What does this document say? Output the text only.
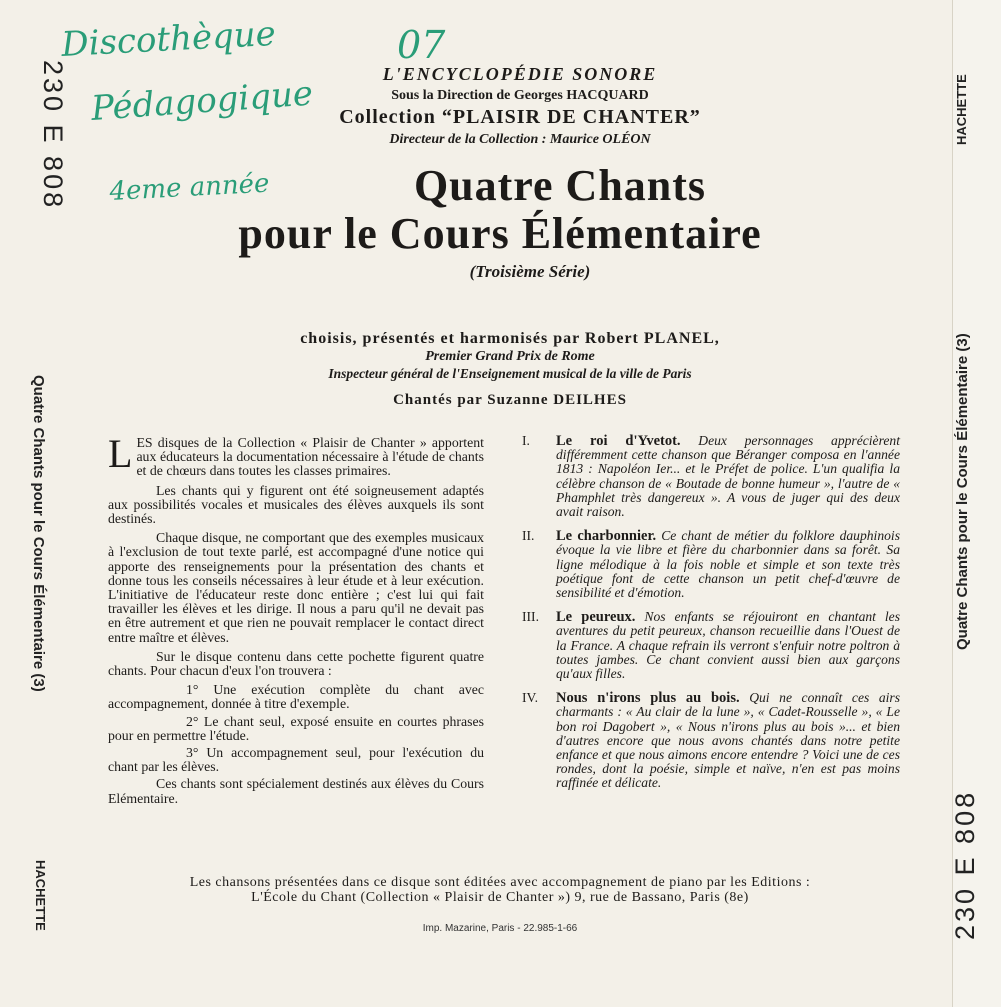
230 E 808
Quatre Chants pour le Cours Élémentaire (3)
HACHETTE
HACHETTE
Quatre Chants pour le Cours Élémentaire (3)
230 E 808
Discothèque
Pédagogique
4eme année
07
L'ENCYCLOPÉDIE SONORE
Sous la Direction de Georges HACQUARD
Collection “PLAISIR DE CHANTER”
Directeur de la Collection : Maurice OLÉON
Quatre Chants
pour le Cours Élémentaire
(Troisième Série)
choisis, présentés et harmonisés par Robert PLANEL,
Premier Grand Prix de Rome
Inspecteur général de l'Enseignement musical de la ville de Paris
Chantés par Suzanne DEILHES

LES disques de la Collection « Plaisir de Chanter » apportent aux éducateurs la documentation nécessaire à l'étude de chants et de chœurs dans toutes les classes primaires.

Les chants qui y figurent ont été soigneusement adaptés aux possibilités vocales et musicales des élèves auxquels ils sont destinés.

Chaque disque, ne comportant que des exemples musicaux à l'exclusion de tout texte parlé, est accompagné d'une notice qui apporte des renseignements pour la présentation des chants et donne tous les conseils nécessaires à leur étude et à leur exécution. L'initiative de l'éducateur reste donc entière ; c'est lui qui fait travailler les élèves et les dirige. Il nous a paru qu'il ne devait pas en être autrement et que rien ne pouvait remplacer le contact direct entre maître et élèves.

Sur le disque contenu dans cette pochette figurent quatre chants. Pour chacun d'eux l'on trouvera :

1° Une exécution complète du chant avec accompagnement, donnée à titre d'exemple.

2° Le chant seul, exposé ensuite en courtes phrases pour en permettre l'étude.

3° Un accompagnement seul, pour l'exécution du chant par les élèves.

Ces chants sont spécialement destinés aux élèves du Cours Elémentaire.

I.	Le roi d'Yvetot. Deux personnages apprécièrent différemment cette chanson que Béranger composa en l'année 1813 : Napoléon Ier... et le Préfet de police. L'un qualifia la célèbre chanson de « Boutade de bonne humeur », l'autre de « Phamphlet très dangereux ». A vous de juger qui des deux avait raison.
II.	Le charbonnier. Ce chant de métier du folklore dauphinois évoque la vie libre et fière du charbonnier dans sa forêt. Sa ligne mélodique à la fois noble et simple et son texte très poétique font de cette chanson un petit chef-d'œuvre de sensibilité et d'émotion.
III.	Le peureux. Nos enfants se réjouiront en chantant les aventures du petit peureux, chanson recueillie dans l'Ouest de la France. A chaque refrain ils verront s'enfuir notre poltron à toutes jambes. Ce chant convient aussi bien aux garçons qu'aux filles.
IV.	Nous n'irons plus au bois. Qui ne connaît ces airs charmants : « Au clair de la lune », « Cadet-Rousselle », « Le bon roi Dagobert », « Nous n'irons plus au bois »... et bien d'autres encore que nous avons chantés dans notre petite enfance et que nous aimons encore entendre ? Voici une de ces rondes, dont la poésie, simple et naïve, n'en est pas moins raffinée et délicate.
Les chansons présentées dans ce disque sont éditées avec accompagnement de piano par les Editions :
L'École du Chant (Collection « Plaisir de Chanter ») 9, rue de Bassano, Paris (8e)
Imp. Mazarine, Paris - 22.985-1-66
